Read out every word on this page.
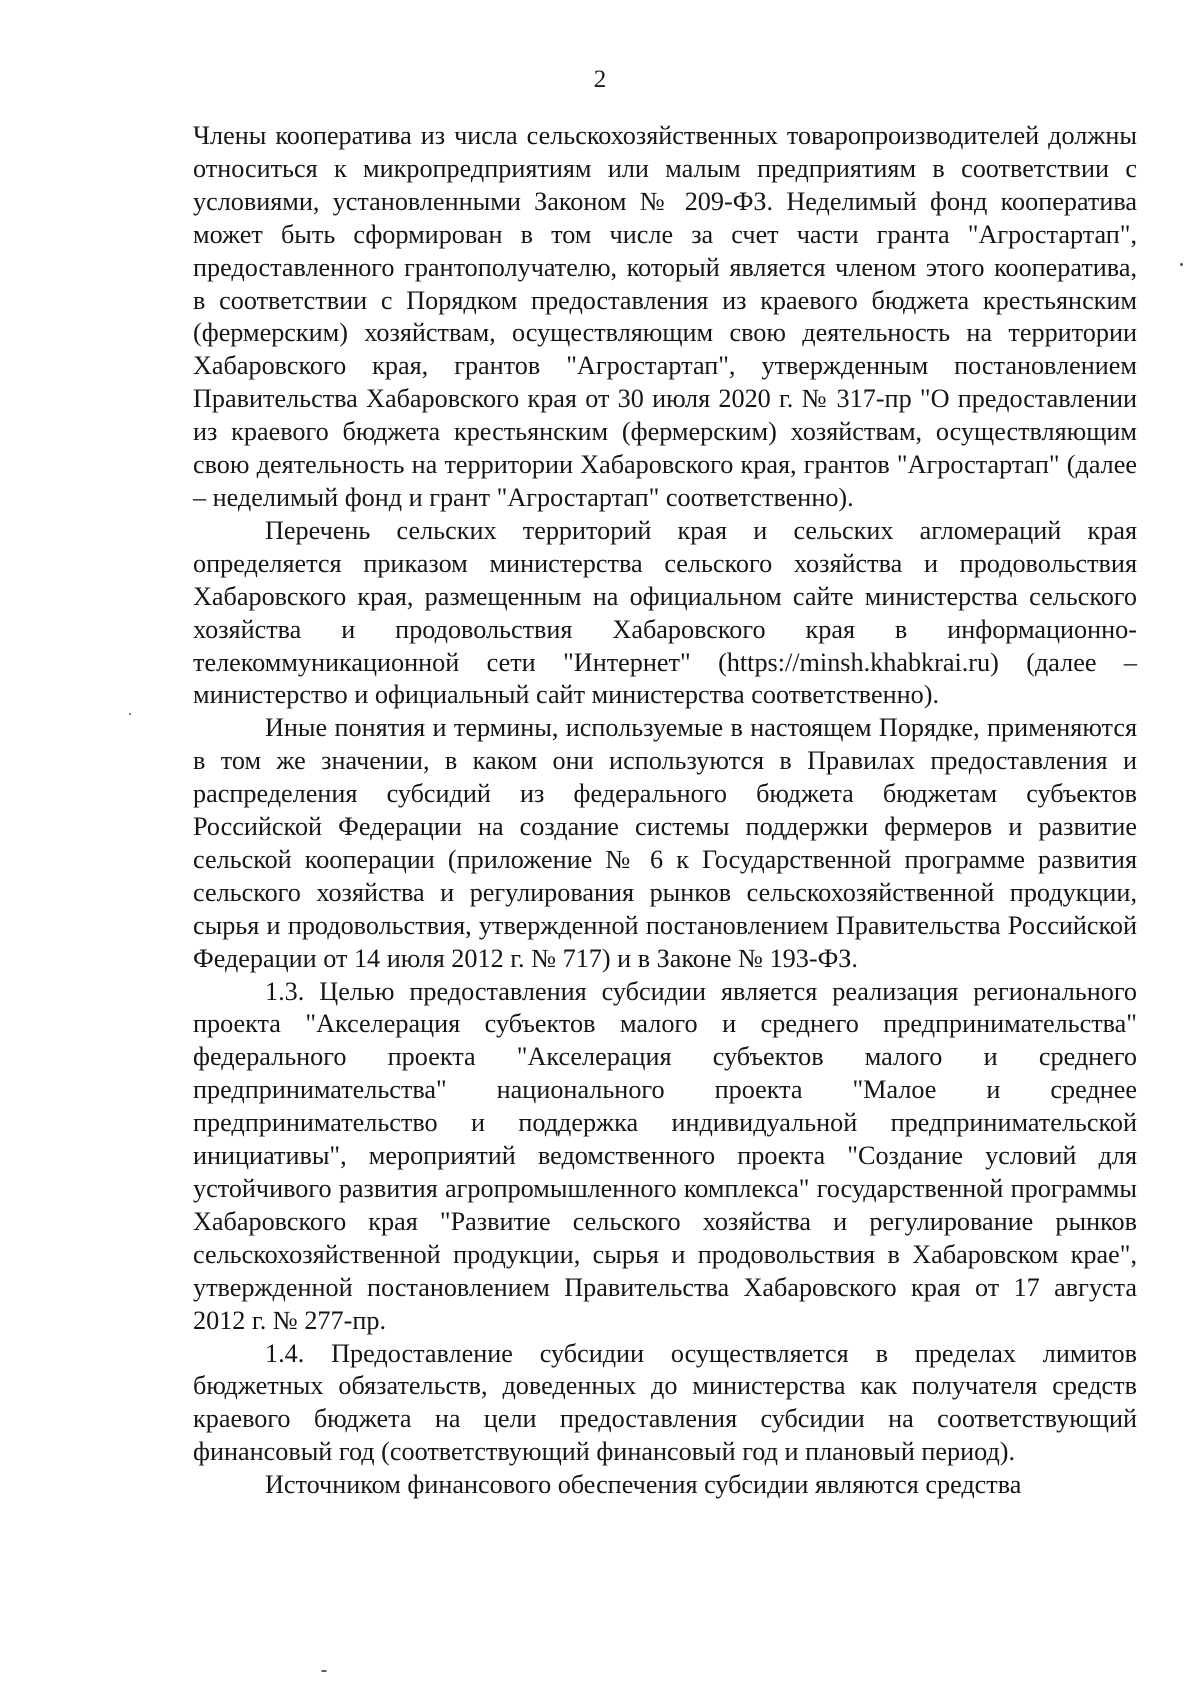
2

Члены кооператива из числа сельскохозяйственных товаропроизводителей должны относиться к микропредприятиям или малым предприятиям в соответствии с условиями, установленными Законом № 209-ФЗ. Неделимый фонд кооператива может быть сформирован в том числе за счет части гранта "Агростартап", предоставленного грантополучателю, который является членом этого кооператива, в соответствии с Порядком предоставления из краевого бюджета крестьянским (фермерским) хозяйствам, осуществляющим свою деятельность на территории Хабаровского края, грантов "Агростартап", утвержденным постановлением Правительства Хабаровского края от 30 июля 2020 г. № 317-пр "О предоставлении из краевого бюджета крестьянским (фермерским) хозяйствам, осуществляющим свою деятельность на территории Хабаровского края, грантов "Агростартап" (далее – неделимый фонд и грант "Агростартап" соответственно).

Перечень сельских территорий края и сельских агломераций края определяется приказом министерства сельского хозяйства и продовольствия Хабаровского края, размещенным на официальном сайте министерства сельского хозяйства и продовольствия Хабаровского края в информационно-телекоммуникационной сети "Интернет" (https://minsh.khabkrai.ru) (далее – министерство и официальный сайт министерства соответственно).

Иные понятия и термины, используемые в настоящем Порядке, применяются в том же значении, в каком они используются в Правилах предоставления и распределения субсидий из федерального бюджета бюджетам субъектов Российской Федерации на создание системы поддержки фермеров и развитие сельской кооперации (приложение № 6 к Государственной программе развития сельского хозяйства и регулирования рынков сельскохозяйственной продукции, сырья и продовольствия, утвержденной постановлением Правительства Российской Федерации от 14 июля 2012 г. № 717) и в Законе № 193-ФЗ.

1.3. Целью предоставления субсидии является реализация регионального проекта "Акселерация субъектов малого и среднего предпринимательства" федерального проекта "Акселерация субъектов малого и среднего предпринимательства" национального проекта "Малое и среднее предпринимательство и поддержка индивидуальной предпринимательской инициативы", мероприятий ведомственного проекта "Создание условий для устойчивого развития агропромышленного комплекса" государственной программы Хабаровского края "Развитие сельского хозяйства и регулирование рынков сельскохозяйственной продукции, сырья и продовольствия в Хабаровском крае", утвержденной постановлением Правительства Хабаровского края от 17 августа 2012 г. № 277-пр.

1.4. Предоставление субсидии осуществляется в пределах лимитов бюджетных обязательств, доведенных до министерства как получателя средств краевого бюджета на цели предоставления субсидии на соответствующий финансовый год (соответствующий финансовый год и плановый период).

Источником финансового обеспечения субсидии являются средства
